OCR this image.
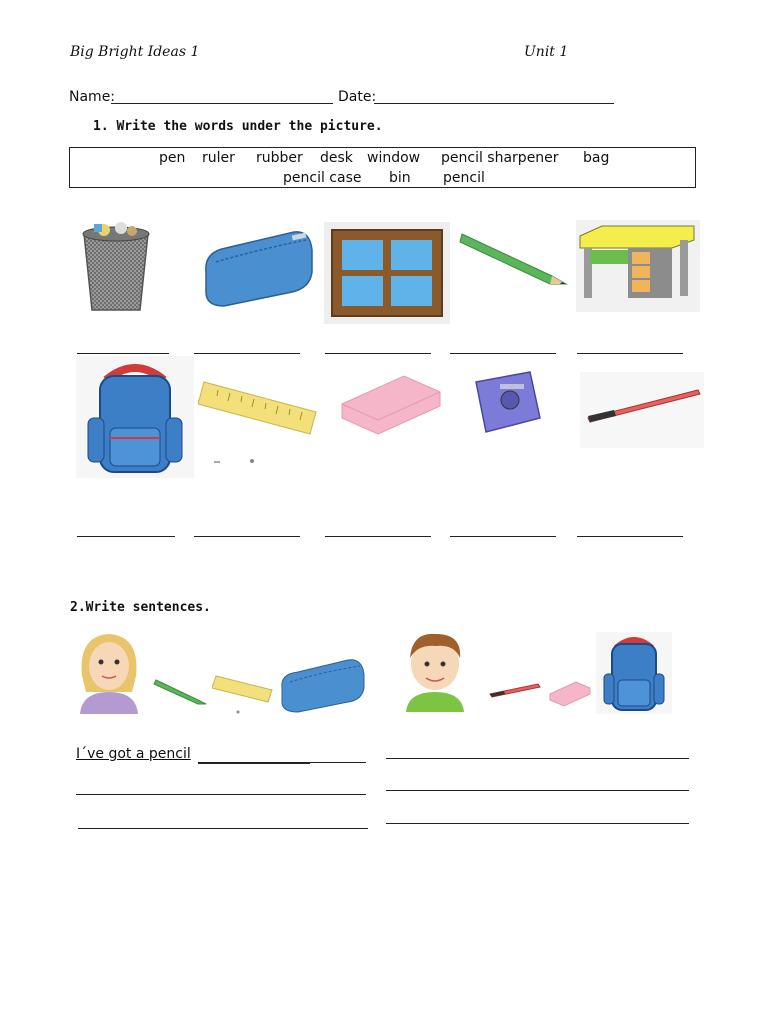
Big Bright Ideas 1	Unit 1
Name:	Date:
1. Write the words under the picture.
pen ruler rubber desk window pencil sharpener bag
pencil case bin pencil
2.Write sentences.
I´ve got a pencil
